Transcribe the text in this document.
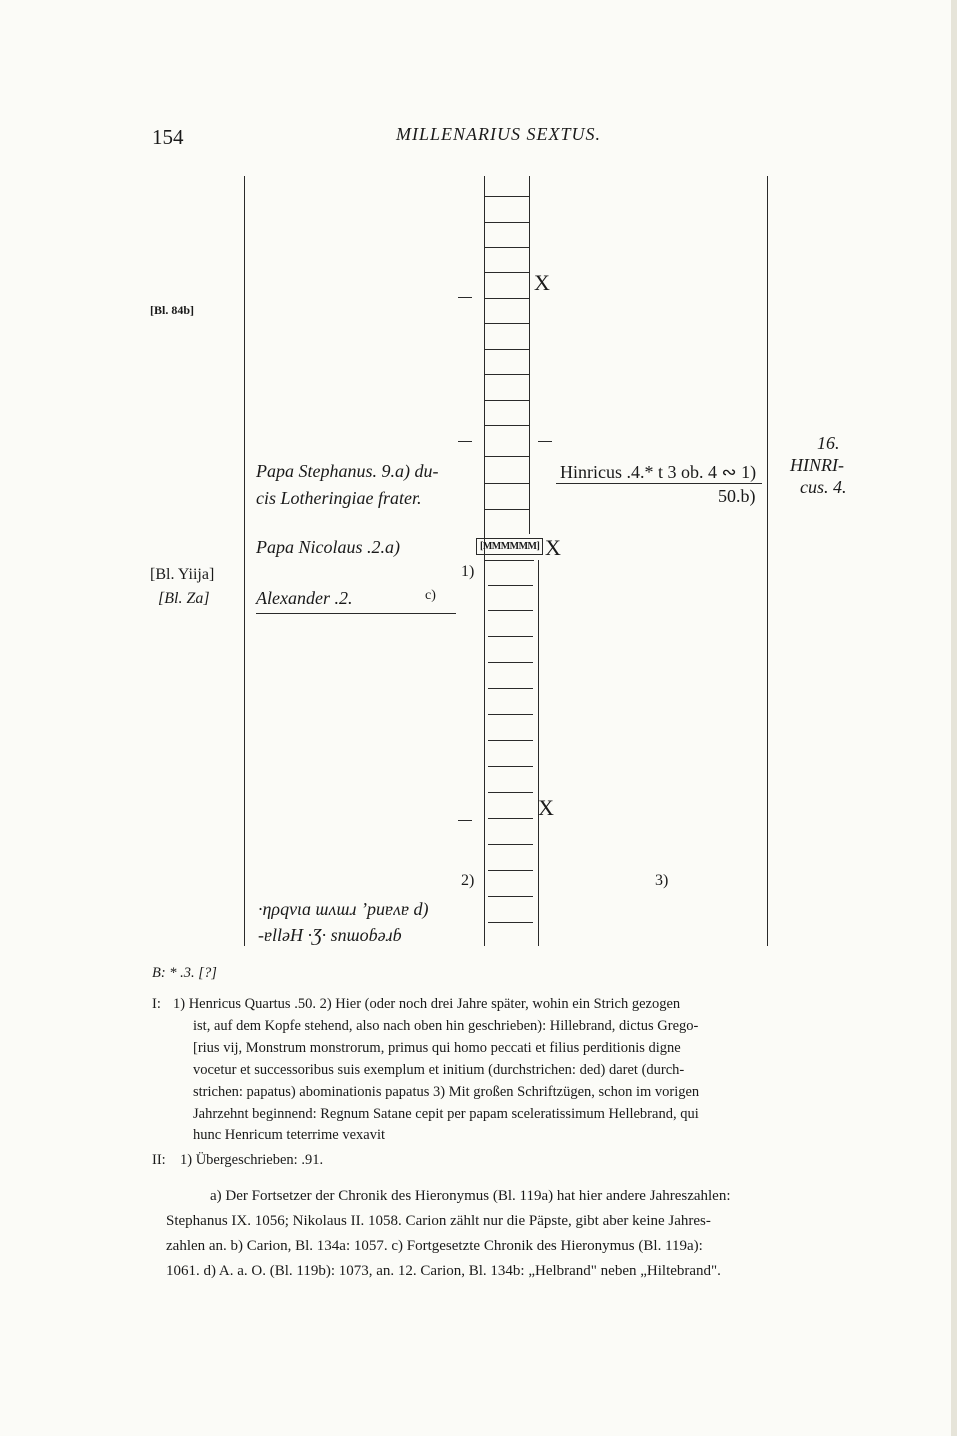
154	MILLENARIUS SEXTUS.
[Bl. 84b]
[Bl. Yiija]
[Bl. Za]
X
X
X
[MMMMMM]
Papa Stephanus. 9.a) du-
cis Lotheringiae frater.
Papa Nicolaus .2.a)
1)
Alexander .2.	c)
2)
·ηρqvιɑ ɯʌɯɹ ʼpuɐʌɐ d)
-ɐllǝH ·Ʒ· snɯoɓǝɹɓ
Hinricus .4.* t 3 ob. 4 ∾ 1)
50.b)
3)
16.
HINRI-
cus. 4.
B: * .3. [?]
I: 1) Henricus Quartus .50. 2) Hier (oder noch drei Jahre später, wohin ein Strich gezogen
ist, auf dem Kopfe stehend, also nach oben hin geschrieben): Hillebrand, dictus Grego-
[rius vij, Monstrum monstrorum, primus qui homo peccati et filius perditionis digne
vocetur et successoribus suis exemplum et initium (durchstrichen: ded) daret (durch-
strichen: papatus) abominationis papatus 3) Mit großen Schriftzügen, schon im vorigen
Jahrzehnt beginnend: Regnum Satane cepit per papam sceleratissimum Hellebrand, qui
hunc Henricum teterrime vexavit
II: 1) Übergeschrieben: .91.
a) Der Fortsetzer der Chronik des Hieronymus (Bl. 119a) hat hier andere Jahreszahlen:
Stephanus IX. 1056; Nikolaus II. 1058. Carion zählt nur die Päpste, gibt aber keine Jahres-
zahlen an. b) Carion, Bl. 134a: 1057. c) Fortgesetzte Chronik des Hieronymus (Bl. 119a):
1061. d) A. a. O. (Bl. 119b): 1073, an. 12. Carion, Bl. 134b: „Helbrand" neben „Hiltebrand".
